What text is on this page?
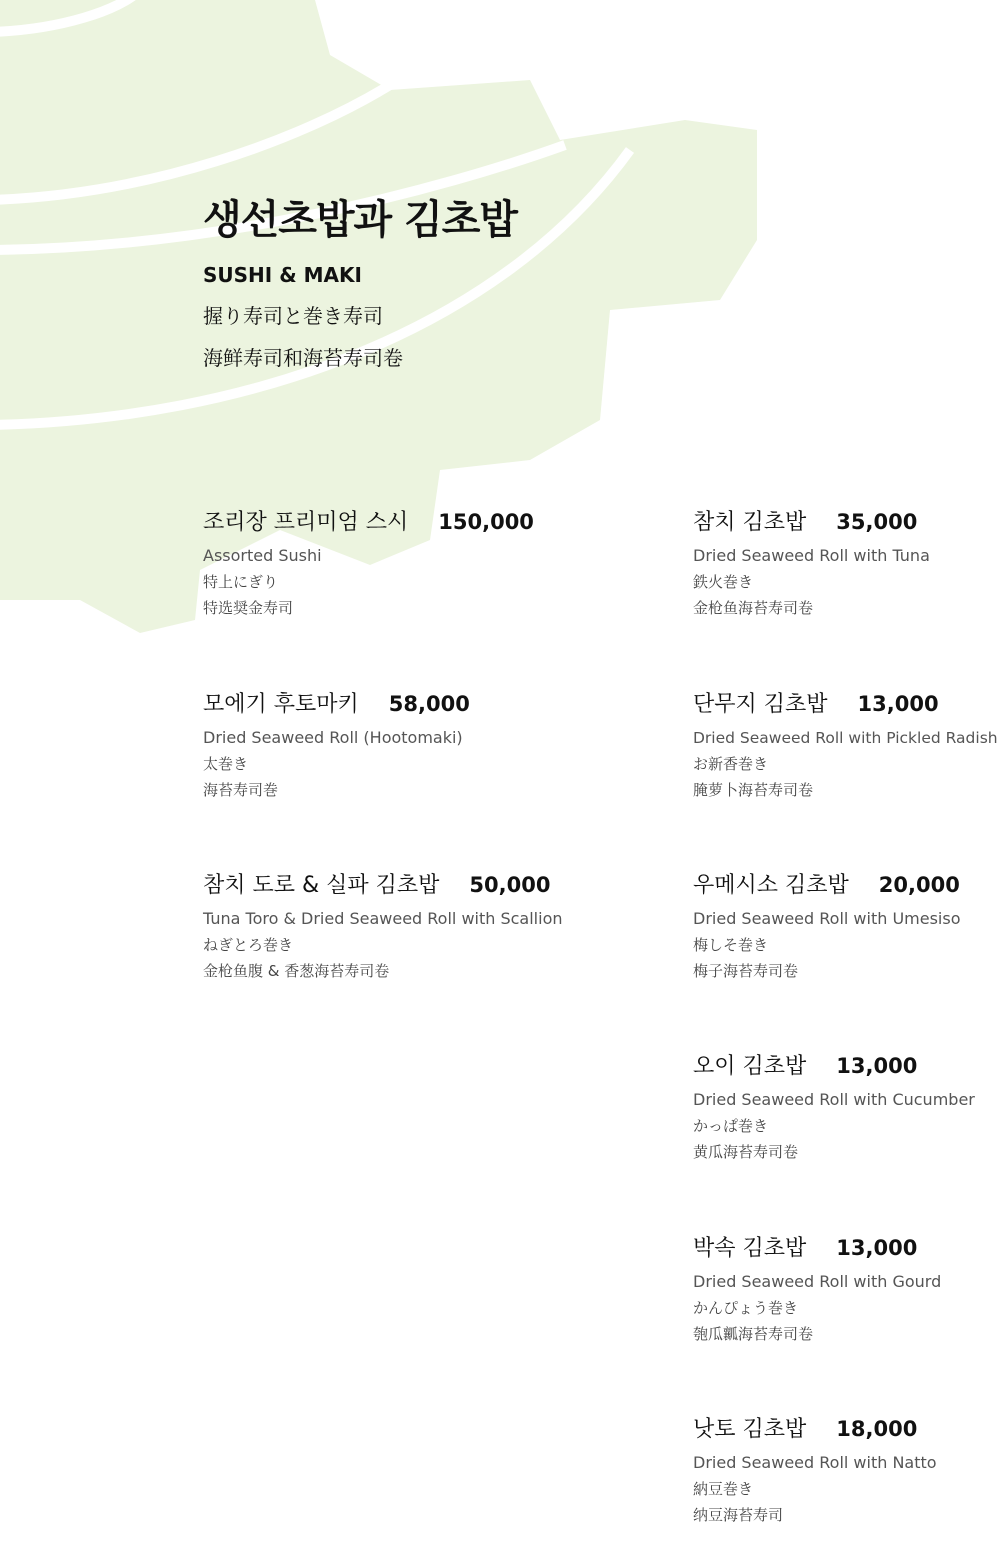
생선초밥과 김초밥
SUSHI & MAKI
握り寿司と巻き寿司
海鲜寿司和海苔寿司卷
조리장 프리미엄 스시 150,000
Assorted Sushi
特上にぎり
特选奨金寿司
모에기 후토마키 58,000
Dried Seaweed Roll (Hootomaki)
太巻き
海苔寿司巻
참치 도로 & 실파 김초밥 50,000
Tuna Toro & Dried Seaweed Roll with Scallion
ねぎとろ巻き
金枪鱼腹 & 香葱海苔寿司卷
참치 김초밥 35,000
Dried Seaweed Roll with Tuna
鉄火巻き
金枪鱼海苔寿司卷
단무지 김초밥 13,000
Dried Seaweed Roll with Pickled Radish
お新香巻き
腌萝卜海苔寿司卷
우메시소 김초밥 20,000
Dried Seaweed Roll with Umesiso
梅しそ巻き
梅子海苔寿司卷
오이 김초밥 13,000
Dried Seaweed Roll with Cucumber
かっぱ巻き
黄瓜海苔寿司卷
박속 김초밥 13,000
Dried Seaweed Roll with Gourd
かんぴょう巻き
匏瓜瓤海苔寿司卷
낫토 김초밥 18,000
Dried Seaweed Roll with Natto
納豆巻き
纳豆海苔寿司
